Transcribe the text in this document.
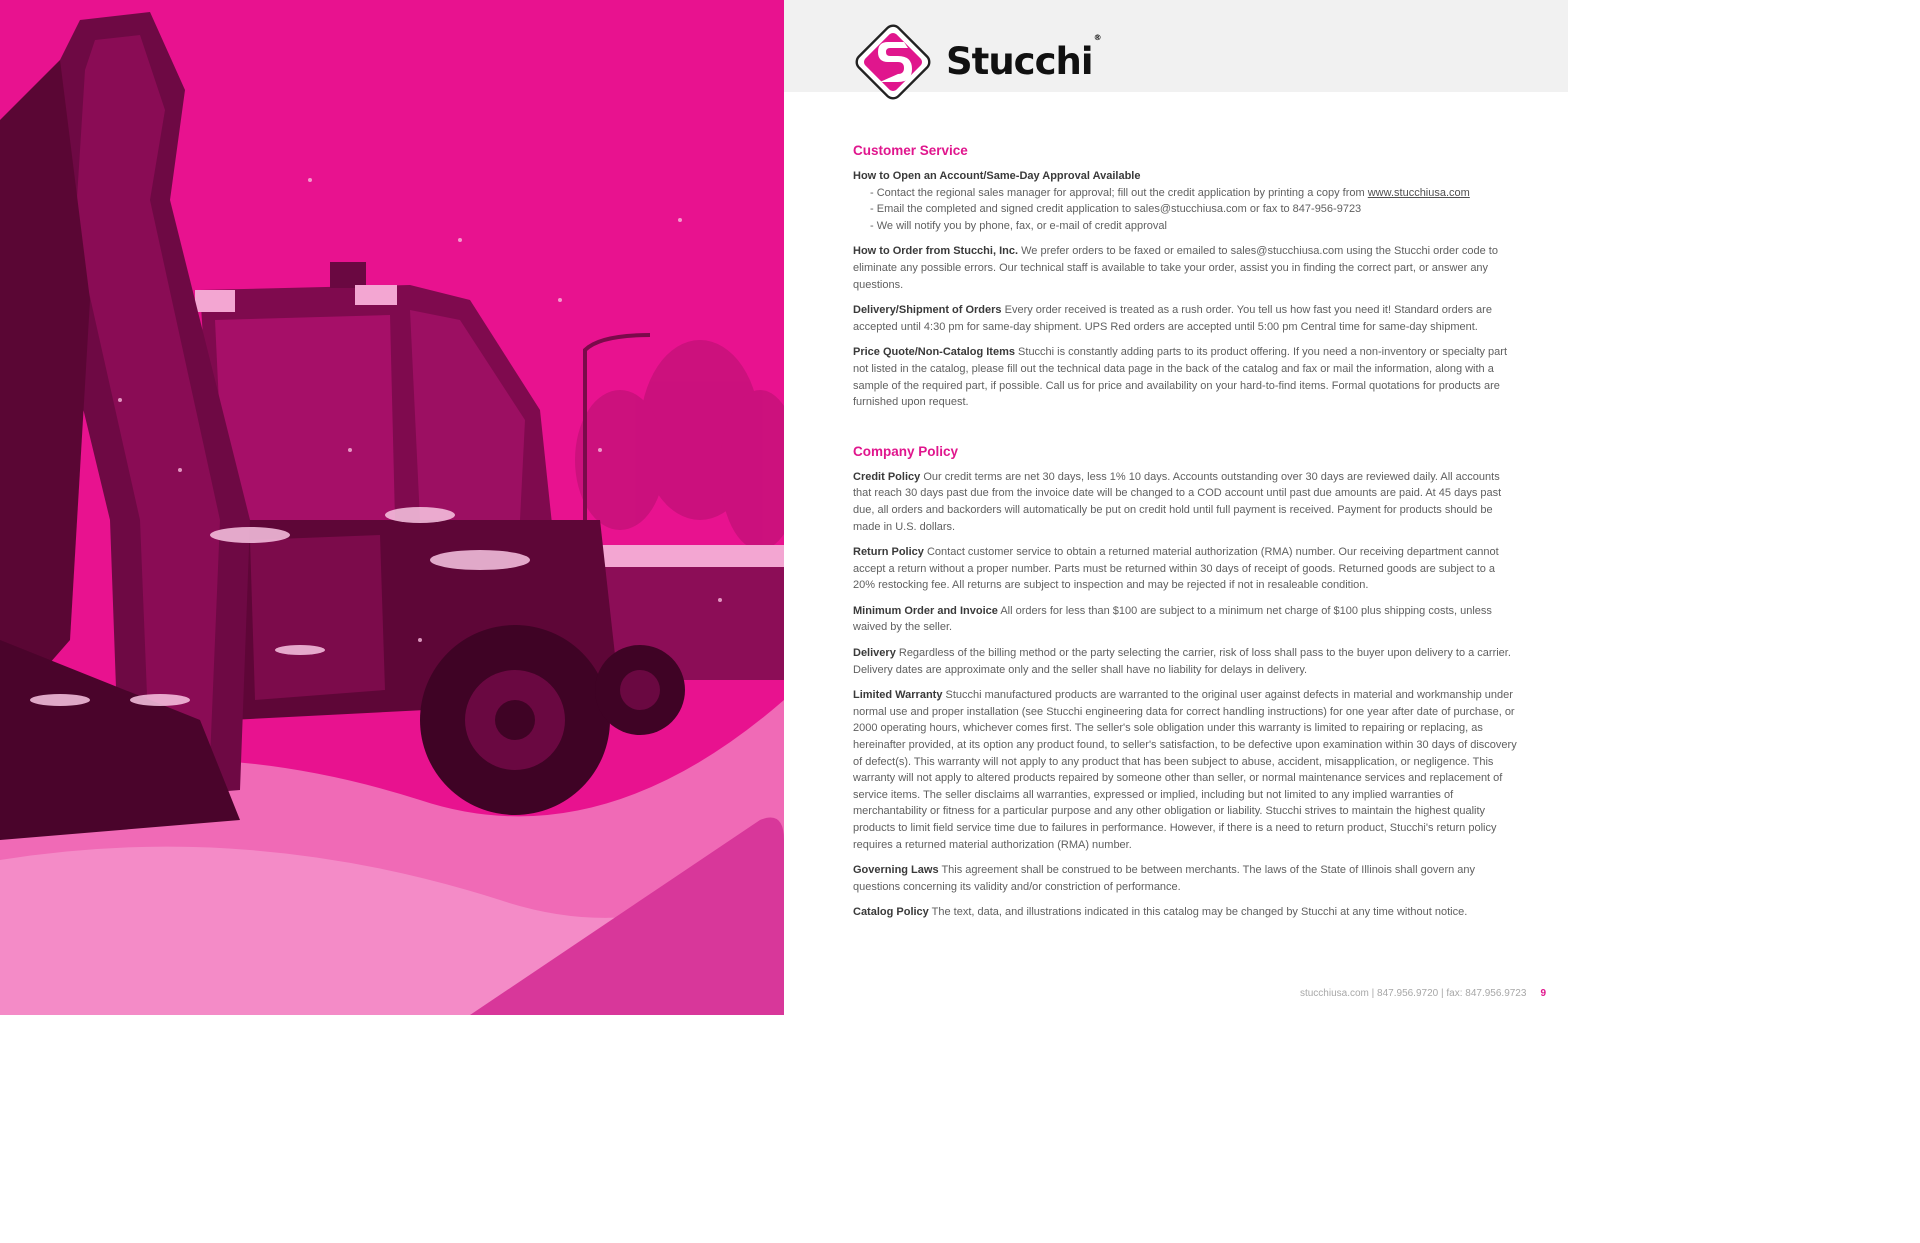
Stucchi®
Customer Service
How to Open an Account/Same-Day Approval Available
- Contact the regional sales manager for approval; fill out the credit application by printing a copy from www.stucchiusa.com
- Email the completed and signed credit application to sales@stucchiusa.com or fax to 847-956-9723
- We will notify you by phone, fax, or e-mail of credit approval

How to Order from Stucchi, Inc. We prefer orders to be faxed or emailed to sales@stucchiusa.com using the Stucchi order code to eliminate any possible errors. Our technical staff is available to take your order, assist you in finding the correct part, or answer any questions.

Delivery/Shipment of Orders Every order received is treated as a rush order. You tell us how fast you need it! Standard orders are accepted until 4:30 pm for same-day shipment. UPS Red orders are accepted until 5:00 pm Central time for same-day shipment.

Price Quote/Non-Catalog Items Stucchi is constantly adding parts to its product offering. If you need a non-inventory or specialty part not listed in the catalog, please fill out the technical data page in the back of the catalog and fax or mail the information, along with a sample of the required part, if possible. Call us for price and availability on your hard-to-find items. Formal quotations for products are furnished upon request.

Company Policy

Credit Policy Our credit terms are net 30 days, less 1% 10 days. Accounts outstanding over 30 days are reviewed daily. All accounts that reach 30 days past due from the invoice date will be changed to a COD account until past due amounts are paid. At 45 days past due, all orders and backorders will automatically be put on credit hold until full payment is received. Payment for products should be made in U.S. dollars.

Return Policy Contact customer service to obtain a returned material authorization (RMA) number. Our receiving department cannot accept a return without a proper number. Parts must be returned within 30 days of receipt of goods. Returned goods are subject to a 20% restocking fee. All returns are subject to inspection and may be rejected if not in resaleable condition.

Minimum Order and Invoice All orders for less than $100 are subject to a minimum net charge of $100 plus shipping costs, unless waived by the seller.

Delivery Regardless of the billing method or the party selecting the carrier, risk of loss shall pass to the buyer upon delivery to a carrier. Delivery dates are approximate only and the seller shall have no liability for delays in delivery.

Limited Warranty Stucchi manufactured products are warranted to the original user against defects in material and workmanship under normal use and proper installation (see Stucchi engineering data for correct handling instructions) for one year after date of purchase, or 2000 operating hours, whichever comes first. The seller's sole obligation under this warranty is limited to repairing or replacing, as hereinafter provided, at its option any product found, to seller's satisfaction, to be defective upon examination within 30 days of discovery of defect(s). This warranty will not apply to any product that has been subject to abuse, accident, misapplication, or negligence. This warranty will not apply to altered products repaired by someone other than seller, or normal maintenance services and replacement of service items. The seller disclaims all warranties, expressed or implied, including but not limited to any implied warranties of merchantability or fitness for a particular purpose and any other obligation or liability. Stucchi strives to maintain the highest quality products to limit field service time due to failures in performance. However, if there is a need to return product, Stucchi's return policy requires a returned material authorization (RMA) number.

Governing Laws This agreement shall be construed to be between merchants. The laws of the State of Illinois shall govern any questions concerning its validity and/or constriction of performance.

Catalog Policy The text, data, and illustrations indicated in this catalog may be changed by Stucchi at any time without notice.

stucchiusa.com | 847.956.9720 | fax: 847.956.9723 9
